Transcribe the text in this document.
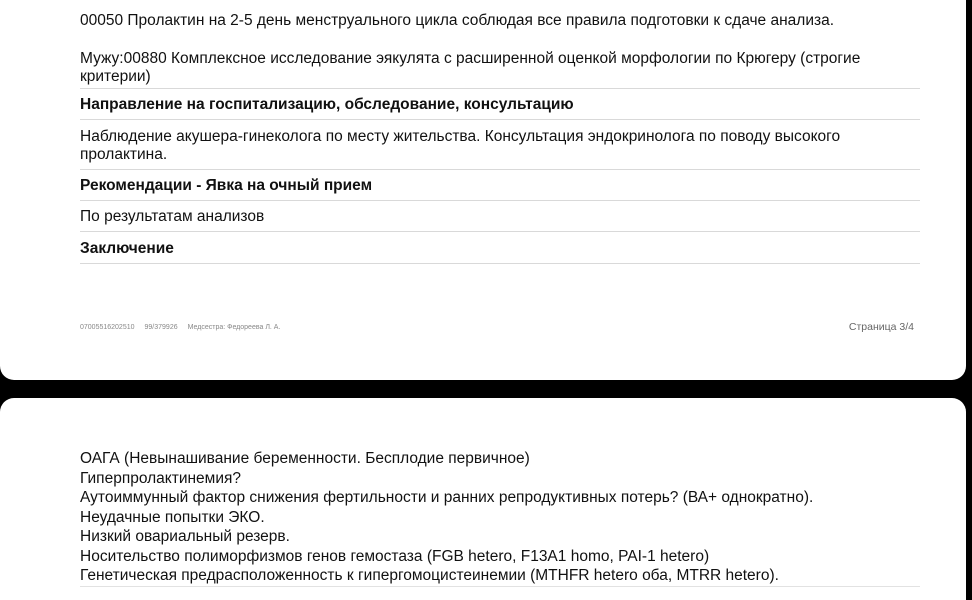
00050 Пролактин на 2-5 день менструального цикла соблюдая все правила подготовки к сдаче анализа.

Мужу:00880 Комплексное исследование эякулята с расширенной оценкой морфологии по Крюгеру (строгие критерии)

Направление на госпитализацию, обследование, консультацию
Наблюдение акушера-гинеколога по месту жительства. Консультация эндокринолога по поводу высокого пролактина.
Рекомендации - Явка на очный прием
По результатам анализов
Заключение
07005516202510 99/379926 Медсестра: Федореева Л. А.	Страница 3/4
ОАГА (Невынашивание беременности. Бесплодие первичное)
Гиперпролактинемия?
Аутоиммунный фактор снижения фертильности и ранних репродуктивных потерь? (ВА+ однократно).
Неудачные попытки ЭКО.
Низкий овариальный резерв.
Носительство полиморфизмов генов гемостаза (FGB hetero, F13A1 homo, PAI-1 hetero)
Генетическая предрасположенность к гипергомоцистеинемии (MTHFR hetero оба, MTRR hetero).
